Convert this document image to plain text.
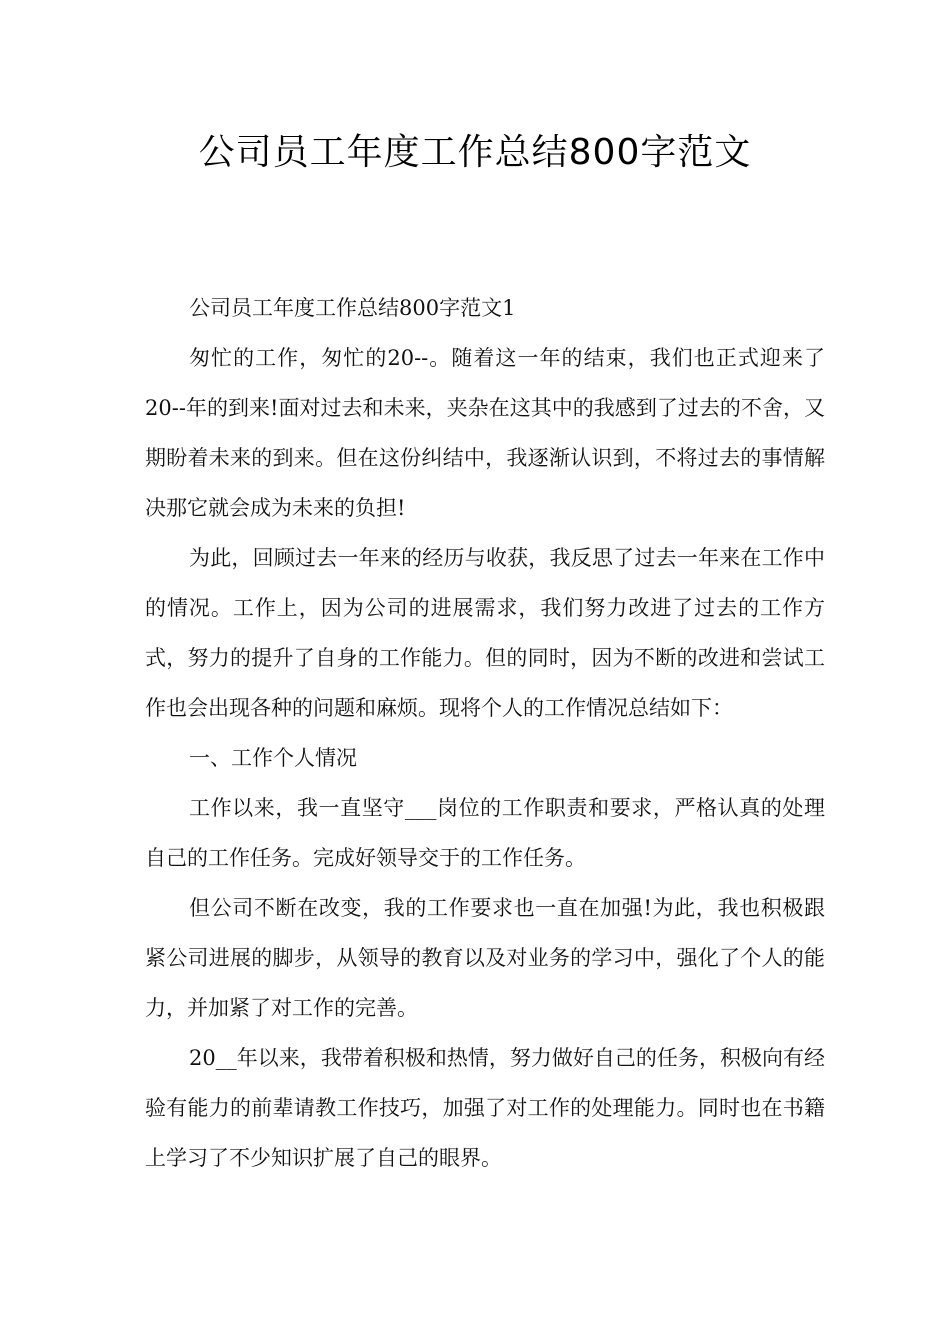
公司员工年度工作总结800字范文

公司员工年度工作总结800字范文1

匆忙的工作，匆忙的20--。随着这一年的结束，我们也正式迎来了20--年的到来!面对过去和未来，夹杂在这其中的我感到了过去的不舍，又期盼着未来的到来。但在这份纠结中，我逐渐认识到，不将过去的事情解决那它就会成为未来的负担!

为此，回顾过去一年来的经历与收获，我反思了过去一年来在工作中的情况。工作上，因为公司的进展需求，我们努力改进了过去的工作方式，努力的提升了自身的工作能力。但的同时，因为不断的改进和尝试工作也会出现各种的问题和麻烦。现将个人的工作情况总结如下：

一、工作个人情况

工作以来，我一直坚守___岗位的工作职责和要求，严格认真的处理自己的工作任务。完成好领导交于的工作任务。

但公司不断在改变，我的工作要求也一直在加强!为此，我也积极跟紧公司进展的脚步，从领导的教育以及对业务的学习中，强化了个人的能力，并加紧了对工作的完善。

20__年以来，我带着积极和热情，努力做好自己的任务，积极向有经验有能力的前辈请教工作技巧，加强了对工作的处理能力。同时也在书籍上学习了不少知识扩展了自己的眼界。
